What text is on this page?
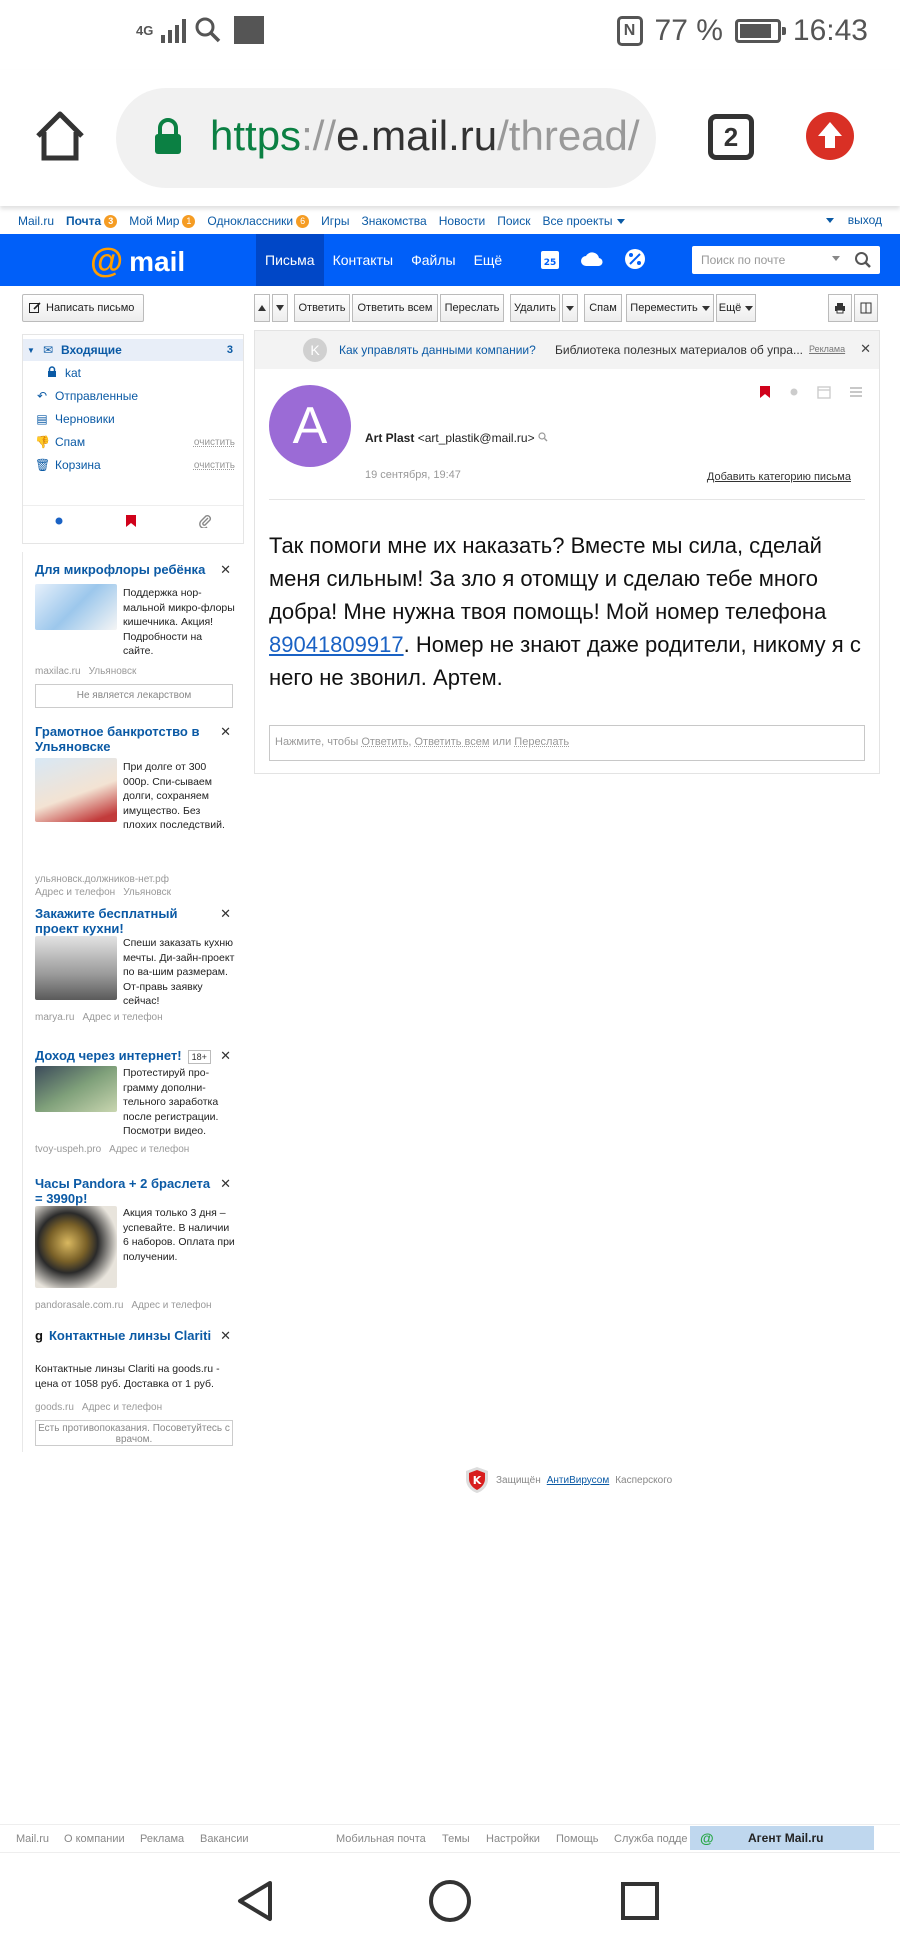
4G	N 77 % 16:43
https://e.mail.ru/thread/	2
Mail.ru Почта 3	Мой Мир 1	Одноклассники 6	Игры Знакомства Новости Поиск Все проекты	выход
@ mail	Письма	Контакты	Файлы	Ещё	25	Поиск по почте
Написать письмо
▼ ✉ Входящие	3
kat
↶ Отправленные
▤ Черновики
👎 Спам	очистить
🗑 Корзина	очистить
Для микрофлоры ребёнка	✕
Поддержка нор-мальной микро-флоры кишечника. Акция! Подробности на сайте.
maxilac.ru Ульяновск
Не является лекарством
Грамотное банкротство в Ульяновске
✕
При долге от 300 000р. Спи-сываем долги, сохраняем имущество. Без плохих последствий.
ульяновск.должников-нет.рф
Адрес и телефон Ульяновск
Закажите бесплатный проект кухни!
✕
Спеши заказать кухню мечты. Ди-зайн-проект по ва-шим размерам. От-правь заявку сейчас!
marya.ru Адрес и телефон
Доход через интернет! 18+	✕
Протестируй про-грамму дополни-тельного заработка после регистрации. Посмотри видео.
tvoy-uspeh.pro Адрес и телефон
Часы Pandora + 2 браслета = 3990р!
✕
Акция только 3 дня – успевайте. В наличии 6 наборов. Оплата при получении.
pandorasale.com.ru Адрес и телефон
g Контактные линзы Clariti ✕
Контактные линзы Clariti на goods.ru - цена от 1058 руб. Доставка от 1 руб.
goods.ru Адрес и телефон
Есть противопоказания. Посоветуйтесь с врачом.
Ответить	Ответить всем	Переслать	Удалить	Спам	Переместить Ещё
K	Как управлять данными компании? Библиотека полезных материалов об упра... Реклама ✕
A	Art Plast <art_plastik@mail.ru>
19 сентября, 19:47	Добавить категорию письма
Так помоги мне их наказать? Вместе мы сила, сделай меня сильным! За зло я отомщу и сделаю тебе много добра! Мне нужна твоя помощь! Мой номер телефона 89041809917. Номер не знают даже родители, никому я с него не звонил. Артем.
Нажмите, чтобы Ответить, Ответить всем или Переслать
K Защищён АнтиВирусом Касперского
Mail.ru О компании Реклама Вакансии	Мобильная почта Темы Настройки Помощь Служба подде @	Агент Mail.ru
